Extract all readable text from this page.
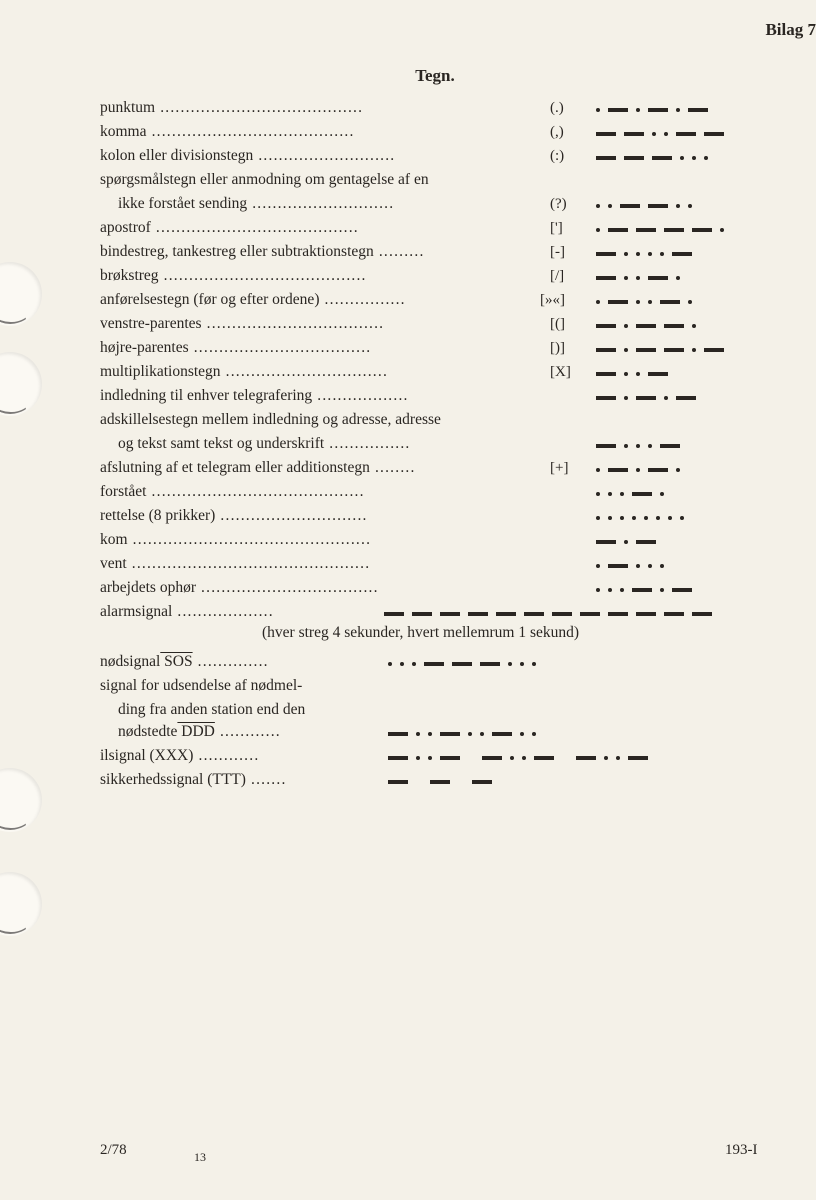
Bilag 7
Tegn.
punktum ........................................	(.)
komma ........................................	(,)
kolon eller divisionstegn ...........................	(:)
spørgsmålstegn eller anmodning om gentagelse af en
ikke forstået sending ............................	(?)
apostrof ........................................	[']
bindestreg, tankestreg eller subtraktionstegn .........	[-]
brøkstreg ........................................	[/]
anførelsestegn (før og efter ordene) ................	[»«]
venstre-parentes ...................................	[(]
højre-parentes ...................................	[)]
multiplikationstegn ................................	[X]
indledning til enhver telegrafering ..................
adskillelsestegn mellem indledning og adresse, adresse
og tekst samt tekst og underskrift ................
afslutning af et telegram eller additionstegn ........	[+]
forstået ..........................................
rettelse (8 prikker) .............................
kom ...............................................
vent ...............................................
arbejdets ophør ...................................
alarmsignal ...................
(hver streg 4 sekunder, hvert mellemrum 1 sekund)
nødsignal SOS ..............
signal for udsendelse af nødmel-
ding fra anden station end den
nødstedte DDD ............
ilsignal (XXX) ............
sikkerhedssignal (TTT) .......
2/78	13	193-I
